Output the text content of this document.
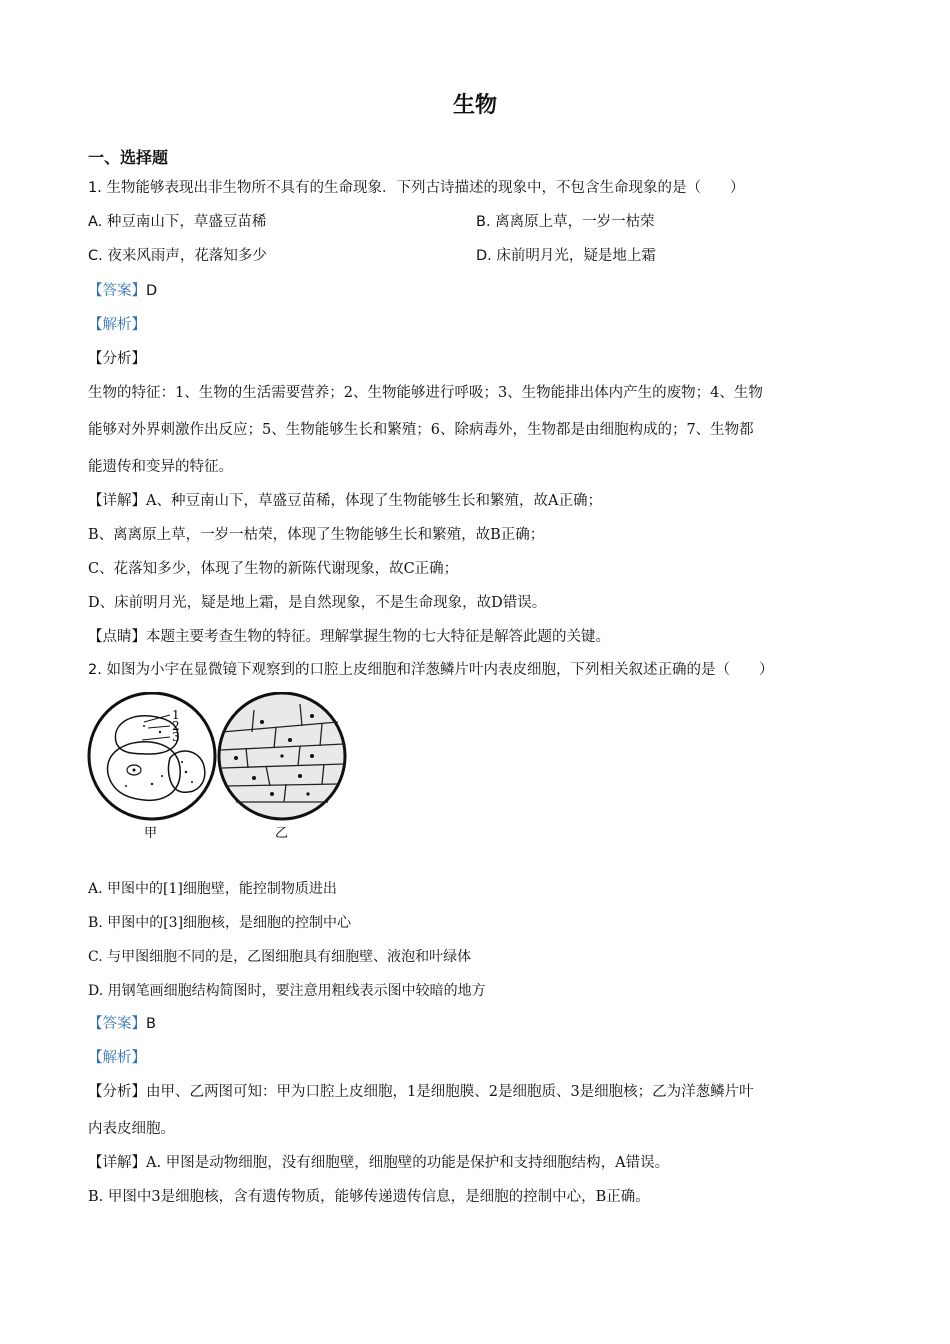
生物
一、选择题
1. 生物能够表现出非生物所不具有的生命现象．下列古诗描述的现象中，不包含生命现象的是（　　）
A. 种豆南山下，草盛豆苗稀	B. 离离原上草，一岁一枯荣
C. 夜来风雨声，花落知多少	D. 床前明月光，疑是地上霜
【答案】D
【解析】
【分析】
生物的特征：1、生物的生活需要营养；2、生物能够进行呼吸；3、生物能排出体内产生的废物；4、生物
能够对外界刺激作出反应；5、生物能够生长和繁殖；6、除病毒外，生物都是由细胞构成的；7、生物都
能遗传和变异的特征。
【详解】A、种豆南山下，草盛豆苗稀，体现了生物能够生长和繁殖，故A正确；
B、离离原上草，一岁一枯荣，体现了生物能够生长和繁殖，故B正确；
C、花落知多少，体现了生物的新陈代谢现象，故C正确；
D、床前明月光，疑是地上霜，是自然现象，不是生命现象，故D错误。
【点睛】本题主要考查生物的特征。理解掌握生物的七大特征是解答此题的关键。
2. 如图为小宇在显微镜下观察到的口腔上皮细胞和洋葱鳞片叶内表皮细胞，下列相关叙述正确的是（　　）
1
2
3
甲	乙
A. 甲图中的[1]细胞壁，能控制物质进出
B. 甲图中的[3]细胞核，是细胞的控制中心
C. 与甲图细胞不同的是，乙图细胞具有细胞壁、液泡和叶绿体
D. 用钢笔画细胞结构简图时，要注意用粗线表示图中较暗的地方
【答案】B
【解析】
【分析】由甲、乙两图可知：甲为口腔上皮细胞，1是细胞膜、2是细胞质、3是细胞核；乙为洋葱鳞片叶
内表皮细胞。
【详解】A. 甲图是动物细胞，没有细胞壁，细胞壁的功能是保护和支持细胞结构，A错误。
B. 甲图中3是细胞核，含有遗传物质，能够传递遗传信息，是细胞的控制中心，B正确。
